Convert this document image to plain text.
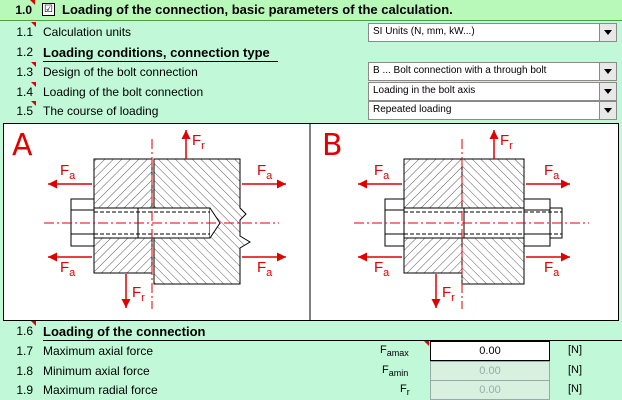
1.0 ☑ Loading of the connection, basic parameters of the calculation.
1.1 Calculation units	SI Units (N, mm, kW...)
1.2 Loading conditions, connection type
1.3 Design of the bolt connection	B ... Bolt connection with a through bolt
1.4 Loading of the bolt connection	Loading in the bolt axis
1.5 The course of loading	Repeated loading
A	B
$F_a$	$F_a$
$F_a$	$F_a$
$F_r$
$F_r$
$F_a$	$F_a$
$F_a$	$F_a$
$F_r$
$F_r$
1.6 Loading of the connection
1.7 Maximum axial force	$F_{amax}$	0.00	[N]
1.8 Minimum axial force	$F_{amin}$	0.00	[N]
1.9 Maximum radial force	$F_r$	0.00	[N]
